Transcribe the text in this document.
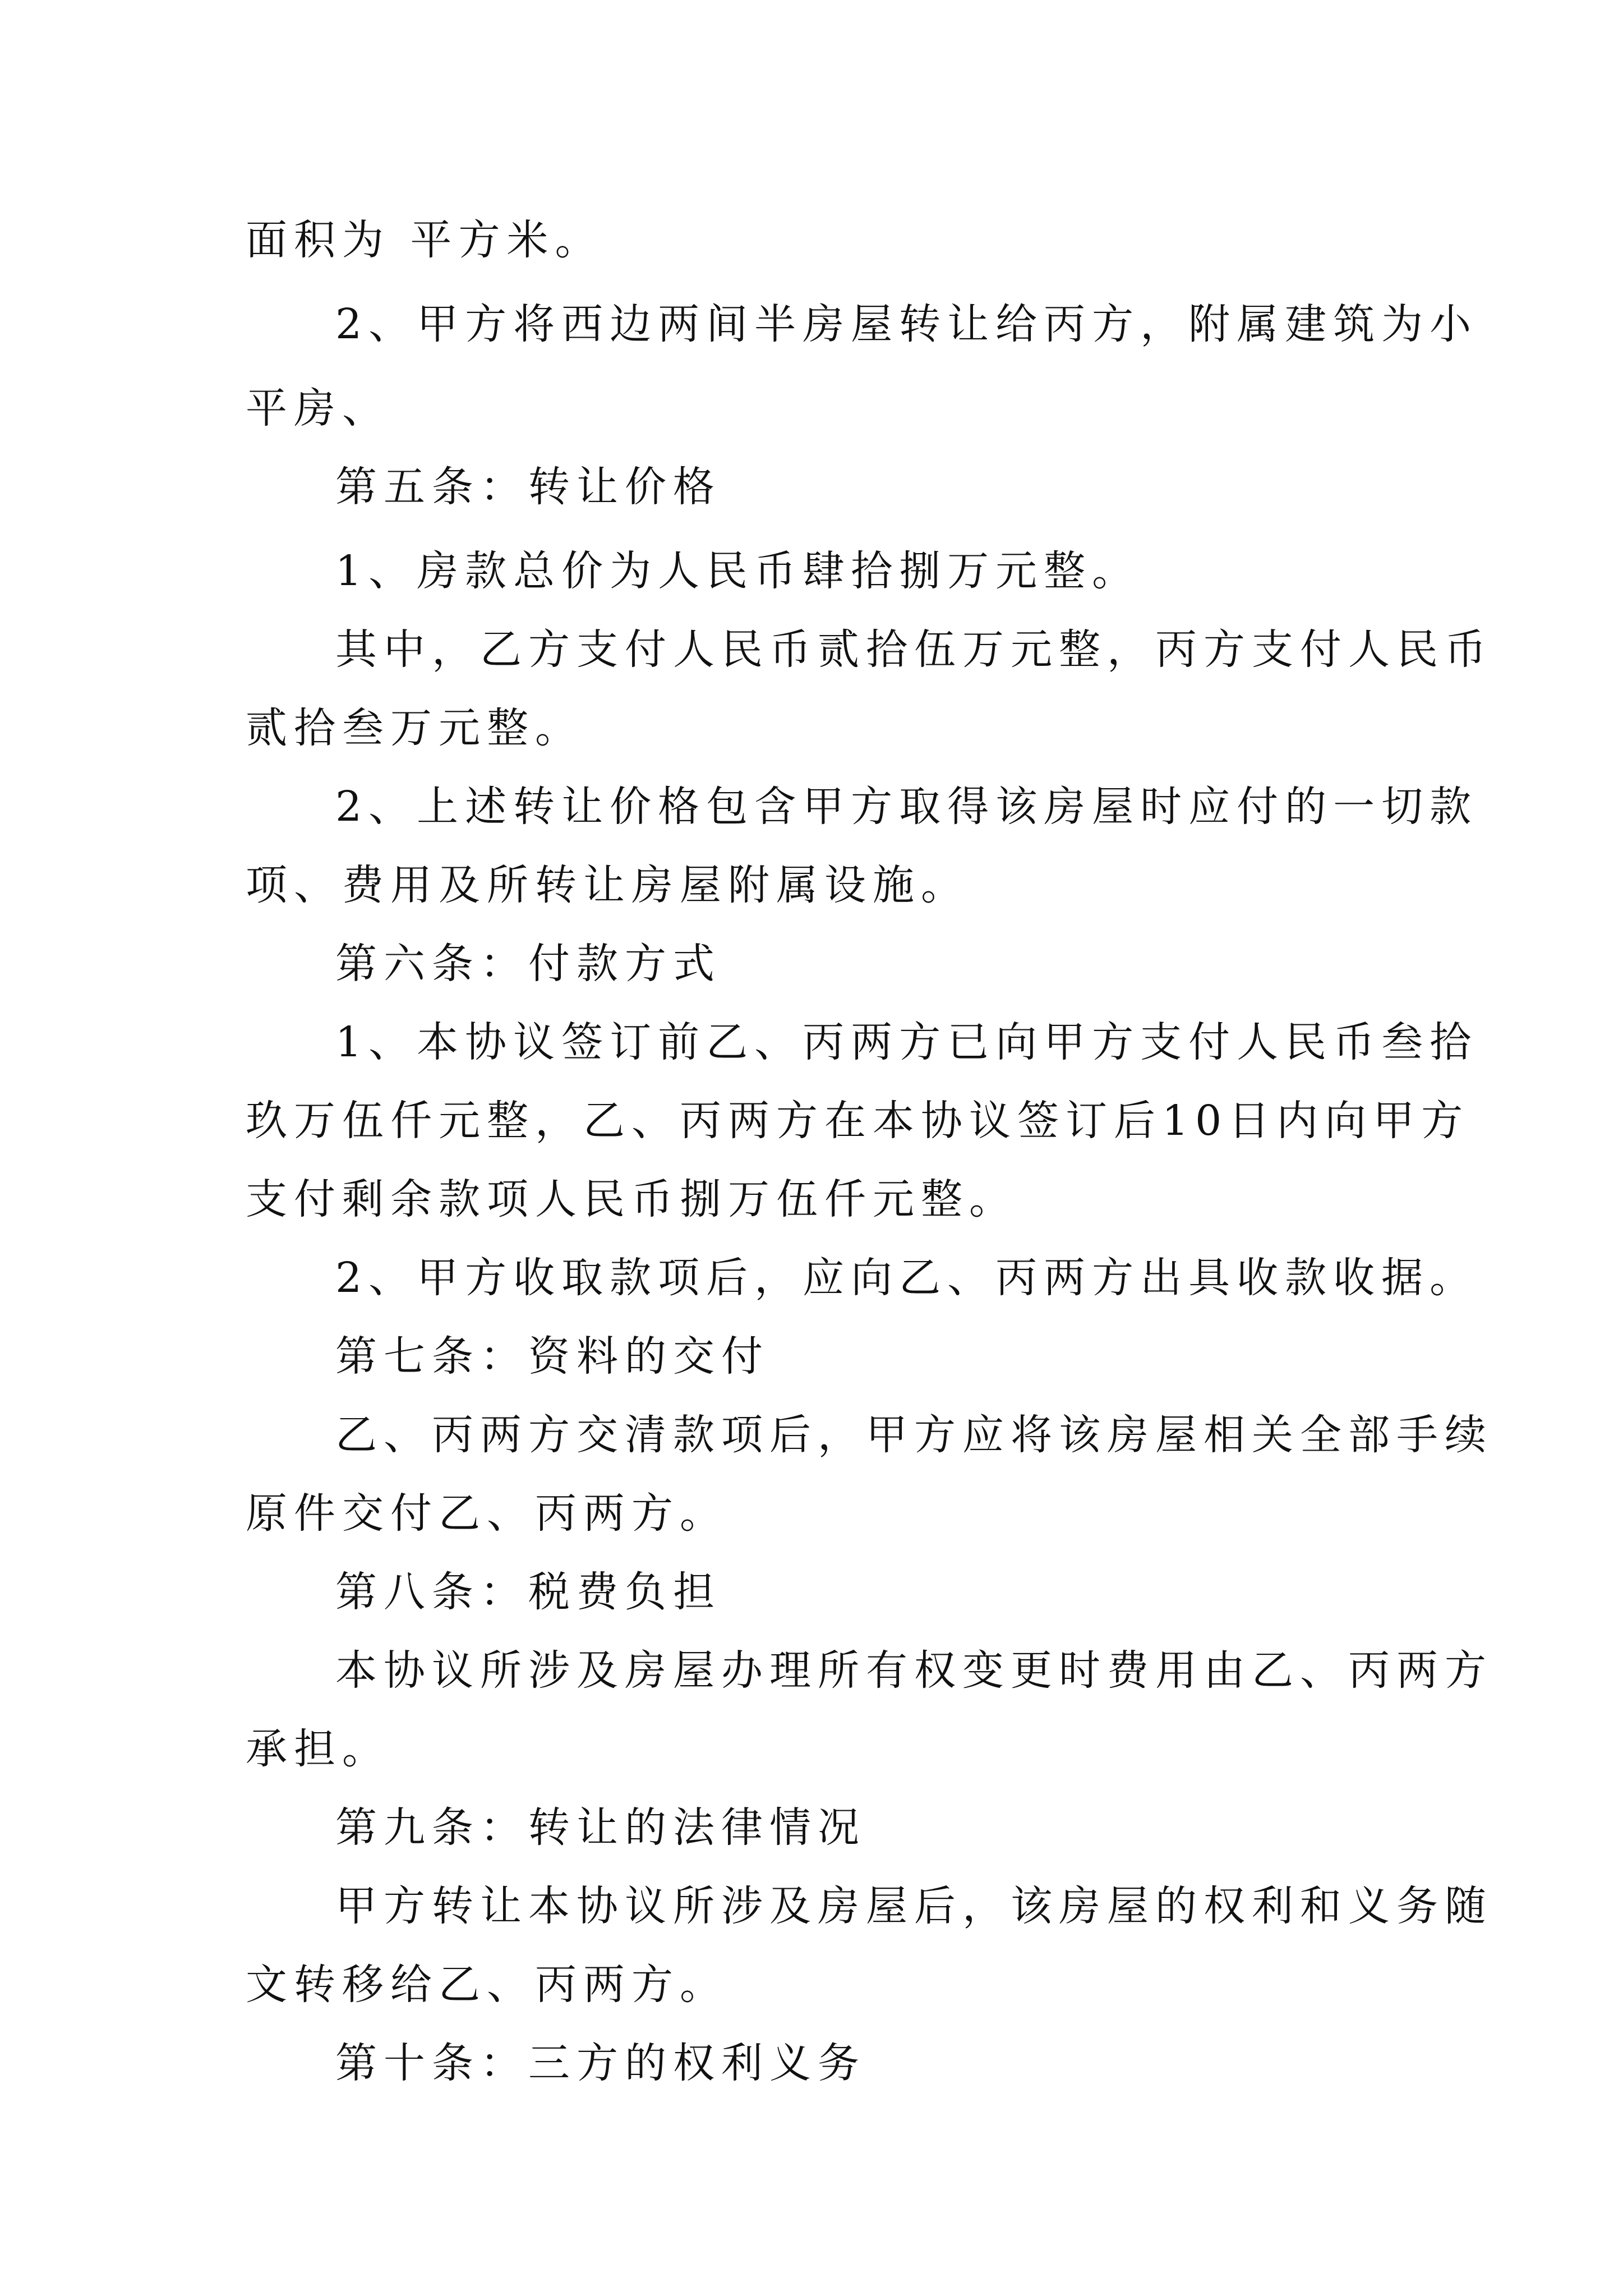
面积为 平方米。
2、甲方将西边两间半房屋转让给丙方，附属建筑为小
平房、
第五条：转让价格
1、房款总价为人民币肆拾捌万元整。
其中，乙方支付人民币贰拾伍万元整，丙方支付人民币
贰拾叁万元整。
2、上述转让价格包含甲方取得该房屋时应付的一切款
项、费用及所转让房屋附属设施。
第六条：付款方式
1、本协议签订前乙、丙两方已向甲方支付人民币叁拾
玖万伍仟元整，乙、丙两方在本协议签订后10日内向甲方
支付剩余款项人民币捌万伍仟元整。
2、甲方收取款项后，应向乙、丙两方出具收款收据。
第七条：资料的交付
乙、丙两方交清款项后，甲方应将该房屋相关全部手续
原件交付乙、丙两方。
第八条：税费负担
本协议所涉及房屋办理所有权变更时费用由乙、丙两方
承担。
第九条：转让的法律情况
甲方转让本协议所涉及房屋后，该房屋的权利和义务随
文转移给乙、丙两方。
第十条：三方的权利义务
